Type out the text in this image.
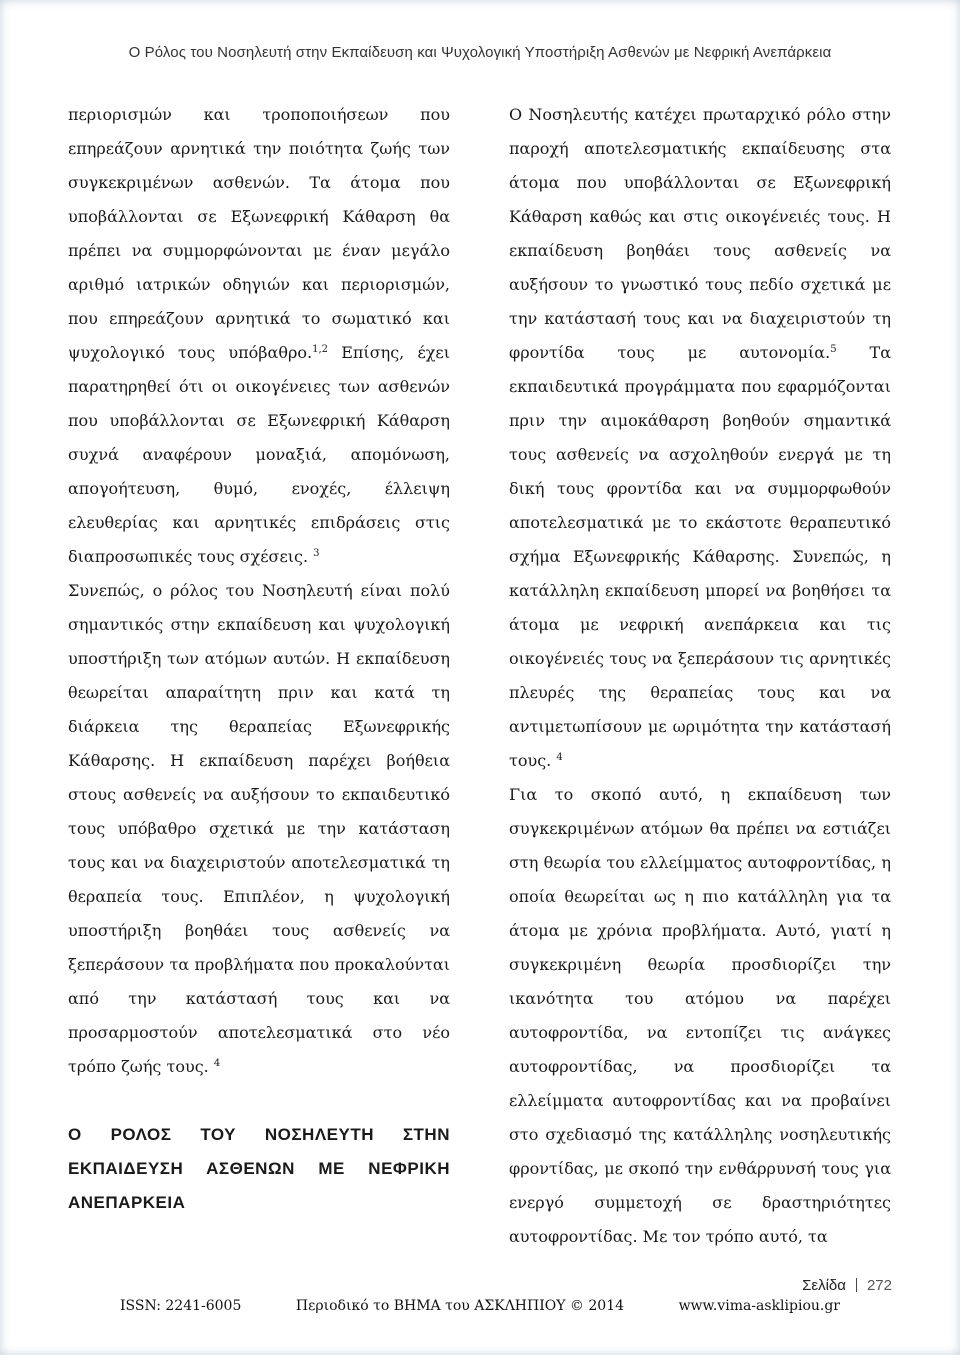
Ο Ρόλος του Νοσηλευτή στην Εκπαίδευση και Ψυχολογική Υποστήριξη Ασθενών με Νεφρική Ανεπάρκεια

περιορισμών και τροποποιήσεων που επηρεάζουν αρνητικά την ποιότητα ζωής των συγκεκριμένων ασθενών. Τα άτομα που υποβάλλονται σε Εξωνεφρική Κάθαρση θα πρέπει να συμμορφώνονται με έναν μεγάλο αριθμό ιατρικών οδηγιών και περιορισμών, που επηρεάζουν αρνητικά το σωματικό και ψυχολογικό τους υπόβαθρο.$^{1,2}$ Επίσης, έχει παρατηρηθεί ότι οι οικογένειες των ασθενών που υποβάλλονται σε Εξωνεφρική Κάθαρση συχνά αναφέρουν μοναξιά, απομόνωση, απογοήτευση, θυμό, ενοχές, έλλειψη ελευθερίας και αρνητικές επιδράσεις στις διαπροσωπικές τους σχέσεις. $^3$

Συνεπώς, ο ρόλος του Νοσηλευτή είναι πολύ σημαντικός στην εκπαίδευση και ψυχολογική υποστήριξη των ατόμων αυτών. Η εκπαίδευση θεωρείται απαραίτητη πριν και κατά τη διάρκεια της θεραπείας Εξωνεφρικής Κάθαρσης. Η εκπαίδευση παρέχει βοήθεια στους ασθενείς να αυξήσουν το εκπαιδευτικό τους υπόβαθρο σχετικά με την κατάσταση τους και να διαχειριστούν αποτελεσματικά τη θεραπεία τους. Επιπλέον, η ψυχολογική υποστήριξη βοηθάει τους ασθενείς να ξεπεράσουν τα προβλήματα που προκαλούνται από την κατάστασή τους και να προσαρμοστούν αποτελεσματικά στο νέο τρόπο ζωής τους. $^4$

Ο ΡΟΛΟΣ ΤΟΥ ΝΟΣΗΛΕΥΤΗ ΣΤΗΝ ΕΚΠΑΙΔΕΥΣΗ ΑΣΘΕΝΩΝ ΜΕ ΝΕΦΡΙΚΗ ΑΝΕΠΑΡΚΕΙΑ

Ο Νοσηλευτής κατέχει πρωταρχικό ρόλο στην παροχή αποτελεσματικής εκπαίδευσης στα άτομα που υποβάλλονται σε Εξωνεφρική Κάθαρση καθώς και στις οικογένειές τους. Η εκπαίδευση βοηθάει τους ασθενείς να αυξήσουν το γνωστικό τους πεδίο σχετικά με την κατάστασή τους και να διαχειριστούν τη φροντίδα τους με αυτονομία.$^5$ Τα εκπαιδευτικά προγράμματα που εφαρμόζονται πριν την αιμοκάθαρση βοηθούν σημαντικά τους ασθενείς να ασχοληθούν ενεργά με τη δική τους φροντίδα και να συμμορφωθούν αποτελεσματικά με το εκάστοτε θεραπευτικό σχήμα Εξωνεφρικής Κάθαρσης. Συνεπώς, η κατάλληλη εκπαίδευση μπορεί να βοηθήσει τα άτομα με νεφρική ανεπάρκεια και τις οικογένειές τους να ξεπεράσουν τις αρνητικές πλευρές της θεραπείας τους και να αντιμετωπίσουν με ωριμότητα την κατάστασή τους. $^4$

Για το σκοπό αυτό, η εκπαίδευση των συγκεκριμένων ατόμων θα πρέπει να εστιάζει στη θεωρία του ελλείμματος αυτοφροντίδας, η οποία θεωρείται ως η πιο κατάλληλη για τα άτομα με χρόνια προβλήματα. Αυτό, γιατί η συγκεκριμένη θεωρία προσδιορίζει την ικανότητα του ατόμου να παρέχει αυτοφροντίδα, να εντοπίζει τις ανάγκες αυτοφροντίδας, να προσδιορίζει τα ελλείμματα αυτοφροντίδας και να προβαίνει στο σχεδιασμό της κατάλληλης νοσηλευτικής φροντίδας, με σκοπό την ενθάρρυνσή τους για ενεργό συμμετοχή σε δραστηριότητες αυτοφροντίδας. Με τον τρόπο αυτό, τα

Σελίδα 272
ISSN: 2241-6005	Περιοδικό το ΒΗΜΑ του ΑΣΚΛΗΠΙΟΥ © 2014	www.vima-asklipiou.gr
